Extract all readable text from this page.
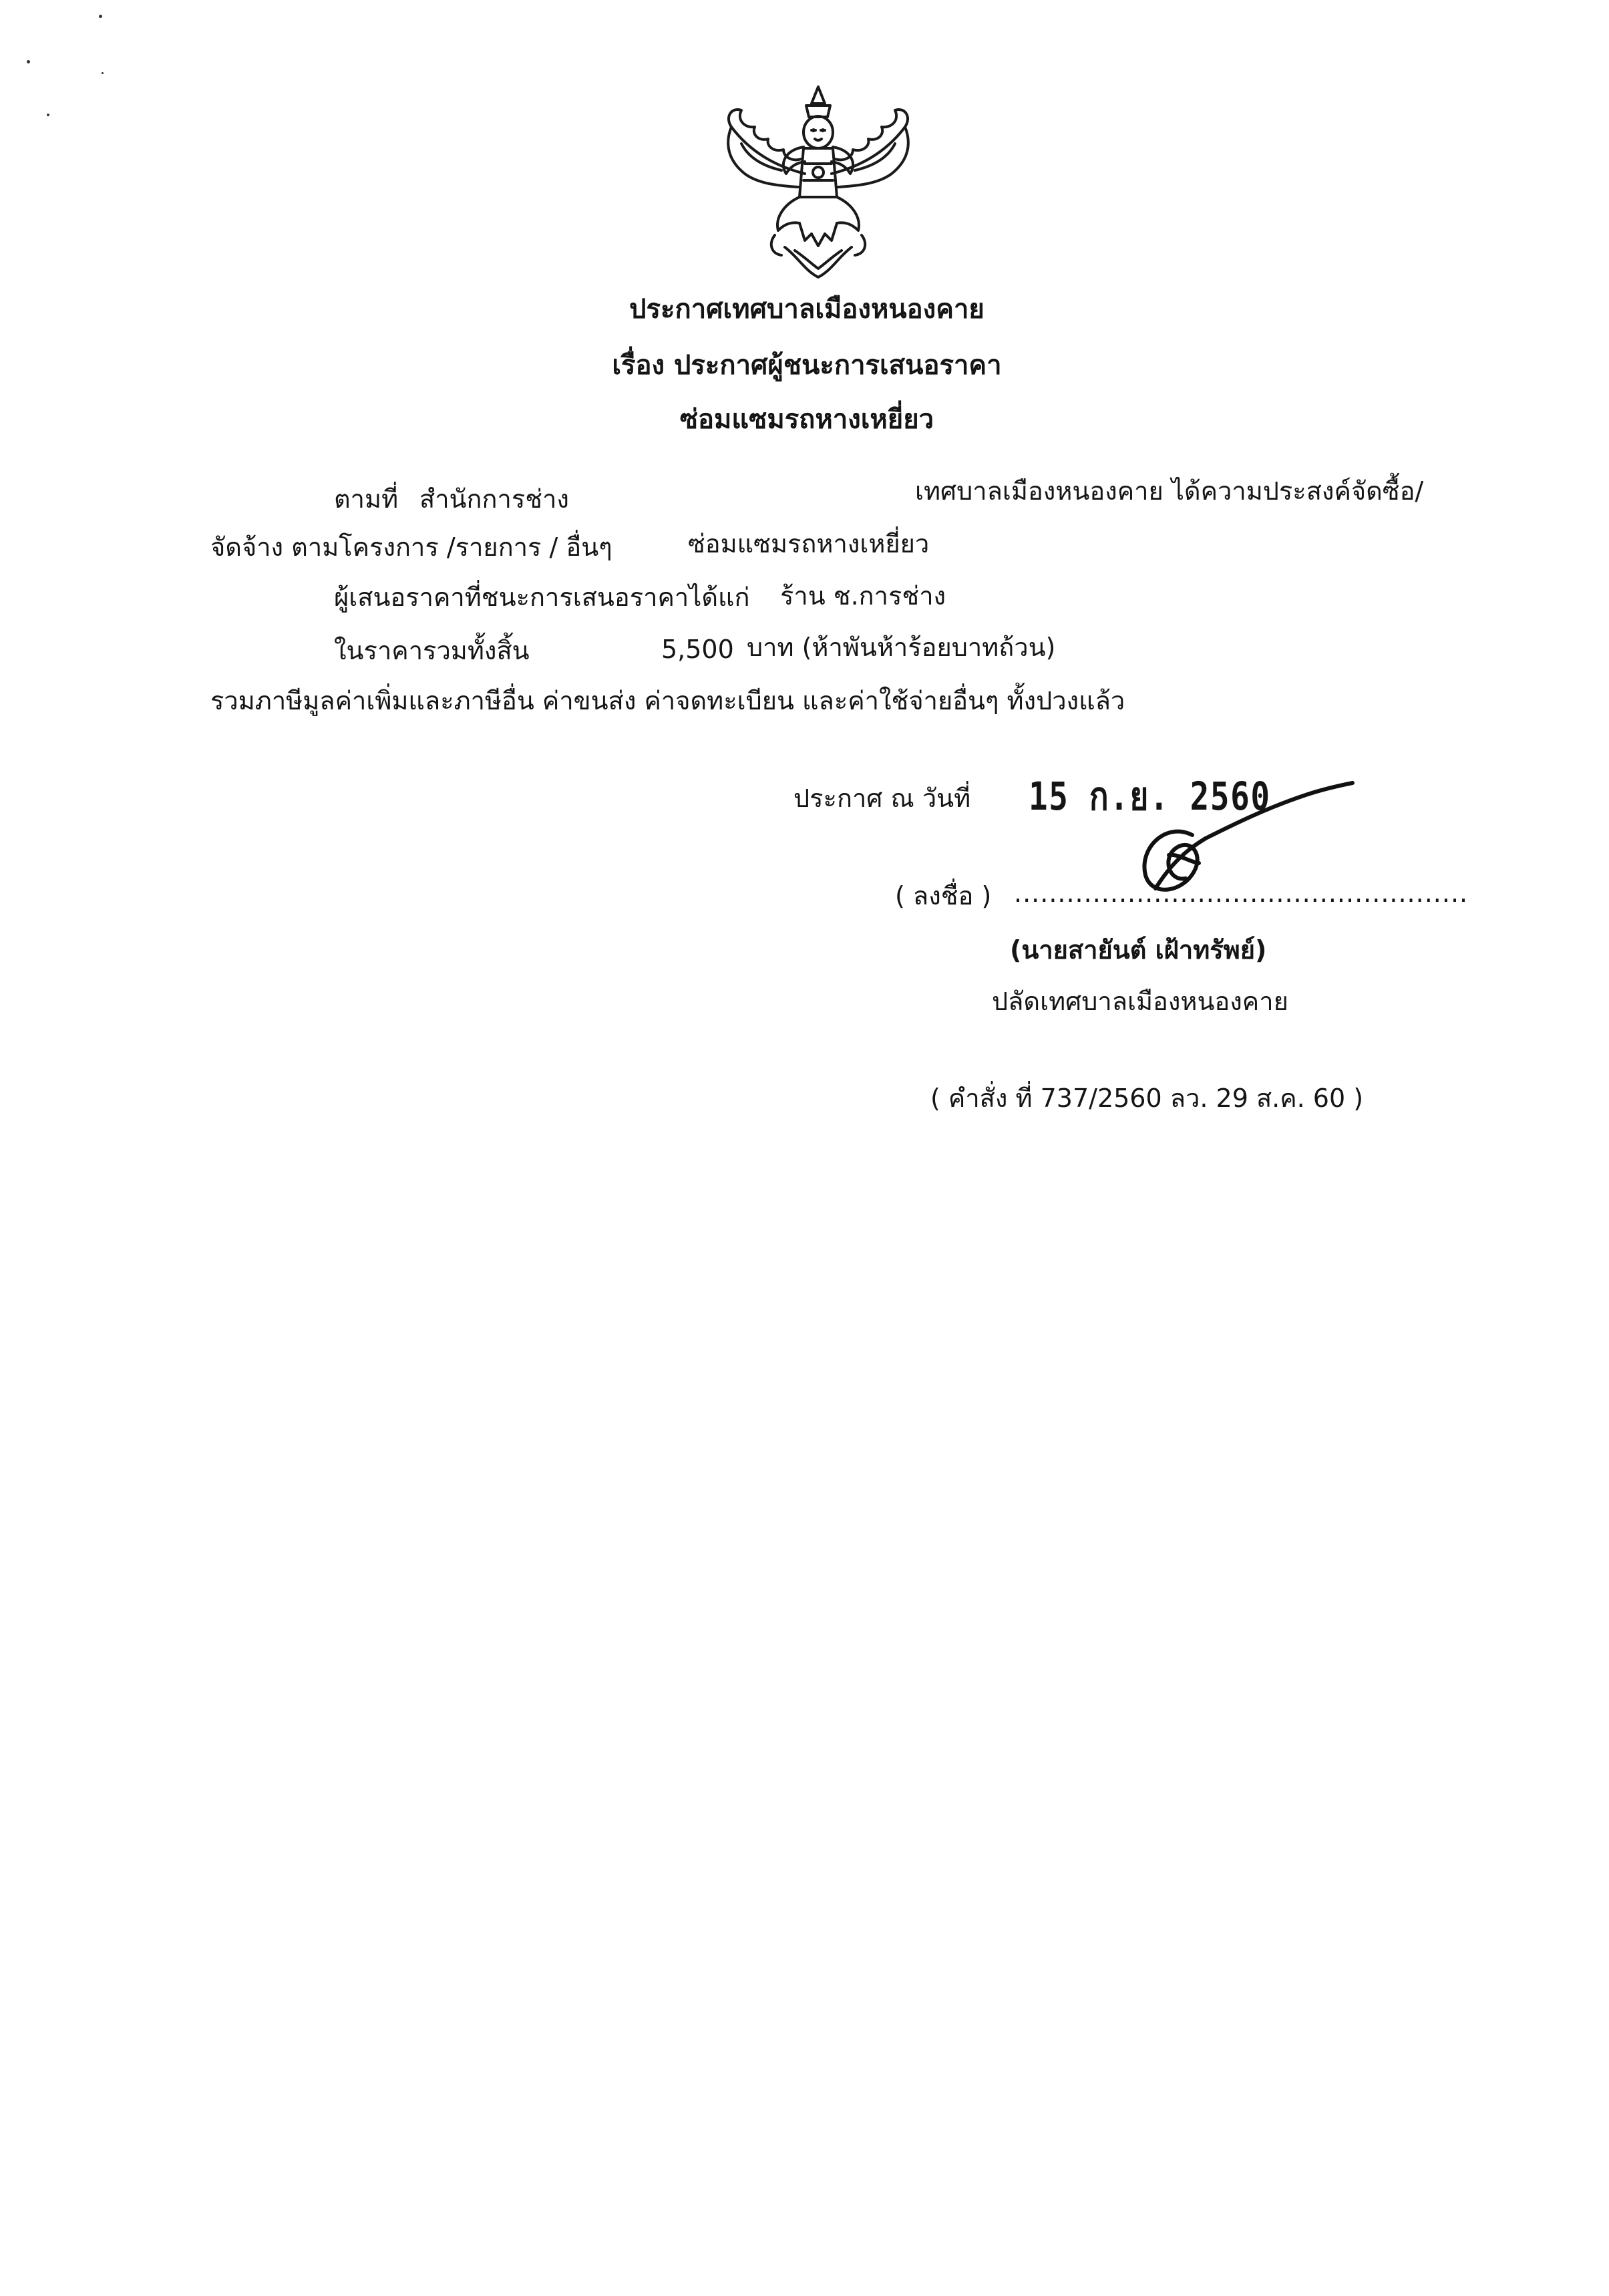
ประกาศเทศบาลเมืองหนองคาย
เรื่อง ประกาศผู้ชนะการเสนอราคา
ซ่อมแซมรถหางเหยี่ยว
ตามที่ สำนักการช่าง	เทศบาลเมืองหนองคาย ได้ความประสงค์จัดซื้อ/
จัดจ้าง ตามโครงการ /รายการ / อื่นๆ	ซ่อมแซมรถหางเหยี่ยว
ผู้เสนอราคาที่ชนะการเสนอราคาได้แก่ ร้าน ช.การช่าง
ในราคารวมทั้งสิ้น	5,500 บาท (ห้าพันห้าร้อยบาทถ้วน)
รวมภาษีมูลค่าเพิ่มและภาษีอื่น ค่าขนส่ง ค่าจดทะเบียน และค่าใช้จ่ายอื่นๆ ทั้งปวงแล้ว
ประกาศ ณ วันที่ 15 ก.ย. 2560
( ลงชื่อ ) ....................................................
(นายสายันต์ เฝ้าทรัพย์)
ปลัดเทศบาลเมืองหนองคาย
( คำสั่ง ที่ 737/2560 ลว. 29 ส.ค. 60 )
